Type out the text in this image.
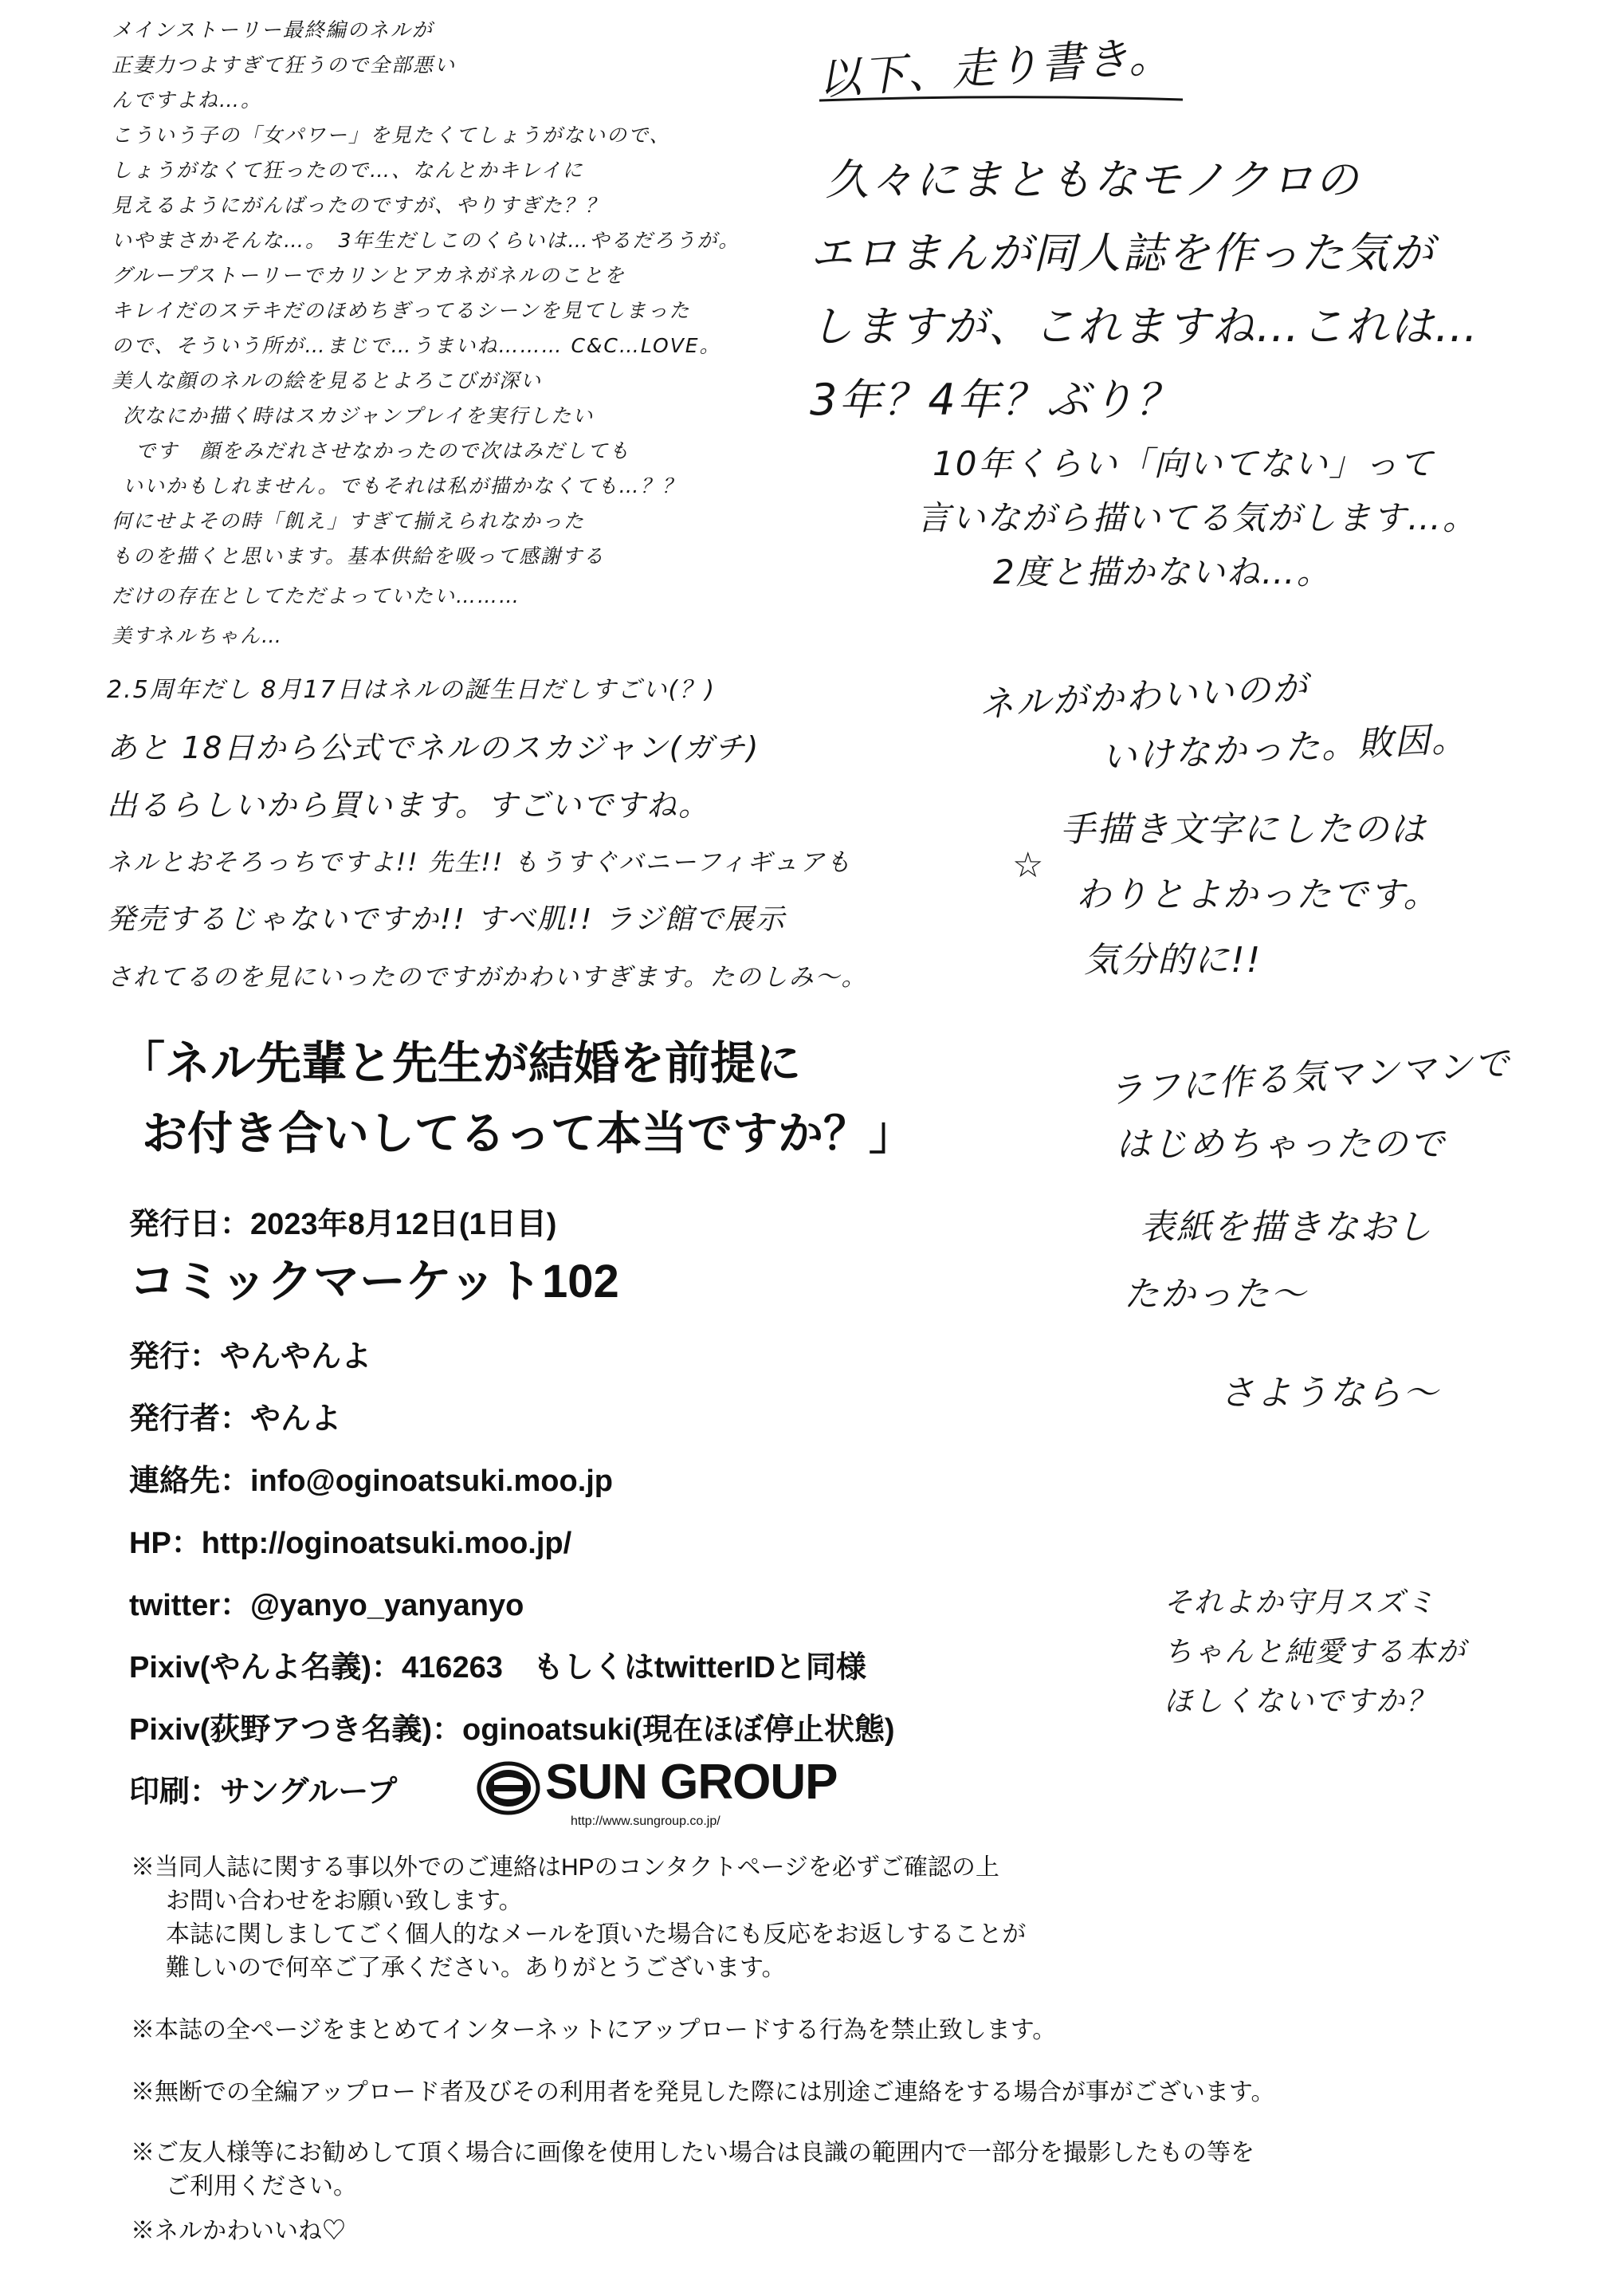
メインストーリー最終編のネルが
正妻力つよすぎて狂うので全部悪い
んですよね…。
こういう子の「女パワー」を見たくてしょうがないので、
しょうがなくて狂ったので…、なんとかキレイに
見えるようにがんばったのですが、やりすぎた？？
いやまさかそんな…。　3年生だしこのくらいは…やるだろうが。
グループストーリーでカリンとアカネがネルのことを
キレイだのステキだのほめちぎってるシーンを見てしまった
ので、そういう所が…まじで…うまいね……… C&C…LOVE。
美人な顔のネルの絵を見るとよろこびが深い
次なにか描く時はスカジャンプレイを実行したい
です　顔をみだれさせなかったので次はみだしても
いいかもしれません。でもそれは私が描かなくても…？？
何にせよその時「飢え」すぎて揃えられなかった
ものを描くと思います。基本供給を吸って感謝する
だけの存在としてただよっていたい………
美すネルちゃん…
以下、走り書き。
久々にまともなモノクロの
エロまんが同人誌を作った気が
しますが、これますね…これは…
3年？4年？ぶり？
10年くらい「向いてない」って
言いながら描いてる気がします…。
2度と描かないね…。
ネルがかわいいのが
いけなかった。敗因。
2.5周年だし 8月17日はネルの誕生日だしすごい(？)
あと 18日から公式でネルのスカジャン(ガチ)
出るらしいから買います。すごいですね。
ネルとおそろっちですよ!! 先生!! もうすぐバニーフィギュアも
発売するじゃないですか!! すべ肌!! ラジ館で展示
されてるのを見にいったのですがかわいすぎます。たのしみ〜。
☆
手描き文字にしたのは
わりとよかったです。
気分的に!!
ラフに作る気マンマンで
はじめちゃったので
表紙を描きなおし
たかった〜
さようなら〜
それよか守月スズミ
ちゃんと純愛する本が
ほしくないですか？
「ネル先輩と先生が結婚を前提に
お付き合いしてるって本当ですか？」
発行日：2023年8月12日(1日目)
コミックマーケット102
発行：やんやんよ
発行者：やんよ
連絡先：info@oginoatsuki.moo.jp
HP：http://oginoatsuki.moo.jp/
twitter：@yanyo_yanyanyo
Pixiv(やんよ名義)：416263　もしくはtwitterIDと同様
Pixiv(荻野アつき名義)：oginoatsuki(現在ほぼ停止状態)
印刷：サングループ	SUN GROUP
http://www.sungroup.co.jp/
※当同人誌に関する事以外でのご連絡はHPのコンタクトページを必ずご確認の上
お問い合わせをお願い致します。
本誌に関しましてごく個人的なメールを頂いた場合にも反応をお返しすることが
難しいので何卒ご了承ください。ありがとうございます。
※本誌の全ページをまとめてインターネットにアップロードする行為を禁止致します。
※無断での全編アップロード者及びその利用者を発見した際には別途ご連絡をする場合が事がございます。
※ご友人様等にお勧めして頂く場合に画像を使用したい場合は良識の範囲内で一部分を撮影したもの等を
ご利用ください。
※ネルかわいいね♡
